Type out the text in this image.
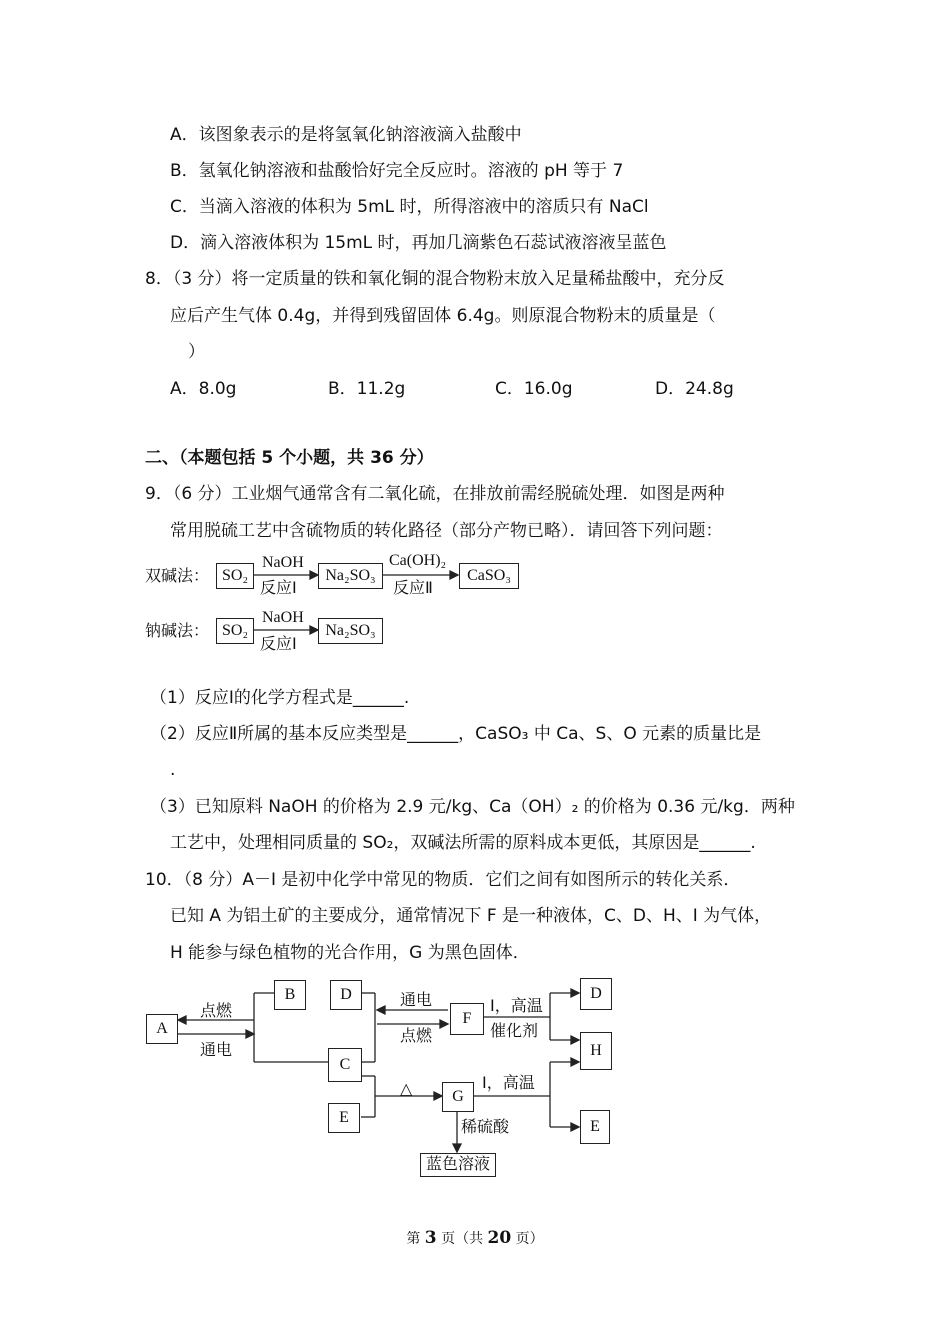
A．该图象表示的是将氢氧化钠溶液滴入盐酸中
B．氢氧化钠溶液和盐酸恰好完全反应时。溶液的 pH 等于 7
C．当滴入溶液的体积为 5mL 时，所得溶液中的溶质只有 NaCl
D．滴入溶液体积为 15mL 时，再加几滴紫色石蕊试液溶液呈蓝色
8．（3 分）将一定质量的铁和氧化铜的混合物粉末放入足量稀盐酸中，充分反
应后产生气体 0.4g，并得到残留固体 6.4g。则原混合物粉末的质量是（
）
A．8.0g	B．11.2g	C．16.0g	D．24.8g
二、（本题包括 5 个小题，共 36 分）
9．（6 分）工业烟气通常含有二氧化硫，在排放前需经脱硫处理．如图是两种
常用脱硫工艺中含硫物质的转化路径（部分产物已略）．请回答下列问题：
双碱法： SO₂
NaOH
反应Ⅰ
Na₂SO₃
Ca(OH)₂
反应Ⅱ
CaSO₃
钠碱法： SO₂
NaOH
反应Ⅰ
Na₂SO₃
（1）反应Ⅰ的化学方程式是______.
（2）反应Ⅱ所属的基本反应类型是______，CaSO₃ 中 Ca、S、O 元素的质量比是
.
（3）已知原料 NaOH 的价格为 2.9 元/kg、Ca（OH）₂ 的价格为 0.36 元/kg．两种
工艺中，处理相同质量的 SO₂，双碱法所需的原料成本更低，其原因是______.
10．（8 分）A－I 是初中化学中常见的物质．它们之间有如图所示的转化关系．
已知 A 为铝土矿的主要成分，通常情况下 F 是一种液体，C、D、H、I 为气体，
H 能参与绿色植物的光合作用，G 为黑色固体．
A
点燃
通电
B	D
C
E
通电
点燃
F
I，高温
催化剂
D
H
E
△	G
I，高温
稀硫酸
蓝色溶液
第 3 页（共 20 页）
